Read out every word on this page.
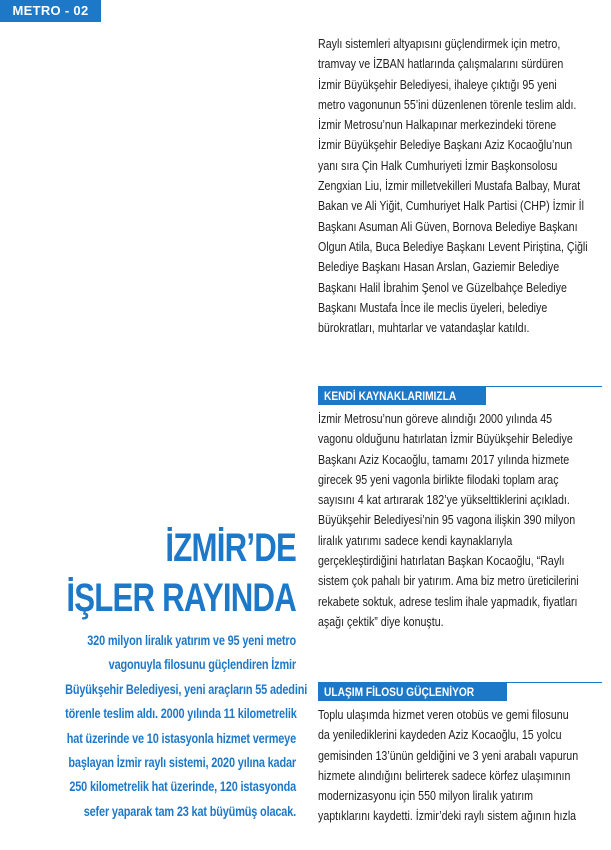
METRO - 02
İZMİR’DE
İŞLER RAYINDA
320 milyon liralık yatırım ve 95 yeni metro
vagonuyla filosunu güçlendiren İzmir
Büyükşehir Belediyesi, yeni araçların 55 adedini
törenle teslim aldı. 2000 yılında 11 kilometrelik
hat üzerinde ve 10 istasyonla hizmet vermeye
başlayan İzmir raylı sistemi, 2020 yılına kadar
250 kilometrelik hat üzerinde, 120 istasyonda
sefer yaparak tam 23 kat büyümüş olacak.
Raylı sistemleri altyapısını güçlendirmek için metro,
tramvay ve İZBAN hatlarında çalışmalarını sürdüren
İzmir Büyükşehir Belediyesi, ihaleye çıktığı 95 yeni
metro vagonunun 55’ini düzenlenen törenle teslim aldı.
İzmir Metrosu’nun Halkapınar merkezindeki törene
İzmir Büyükşehir Belediye Başkanı Aziz Kocaoğlu’nun
yanı sıra Çin Halk Cumhuriyeti İzmir Başkonsolosu
Zengxian Liu, İzmir milletvekilleri Mustafa Balbay, Murat
Bakan ve Ali Yiğit, Cumhuriyet Halk Partisi (CHP) İzmir İl
Başkanı Asuman Ali Güven, Bornova Belediye Başkanı
Olgun Atila, Buca Belediye Başkanı Levent Piriştina, Çiğli
Belediye Başkanı Hasan Arslan, Gaziemir Belediye
Başkanı Halil İbrahim Şenol ve Güzelbahçe Belediye
Başkanı Mustafa İnce ile meclis üyeleri, belediye
bürokratları, muhtarlar ve vatandaşlar katıldı.
KENDİ KAYNAKLARIMIZLA
İzmir Metrosu’nun göreve alındığı 2000 yılında 45
vagonu olduğunu hatırlatan İzmir Büyükşehir Belediye
Başkanı Aziz Kocaoğlu, tamamı 2017 yılında hizmete
girecek 95 yeni vagonla birlikte filodaki toplam araç
sayısını 4 kat artırarak 182’ye yükselttiklerini açıkladı.
Büyükşehir Belediyesi’nin 95 vagona ilişkin 390 milyon
liralık yatırımı sadece kendi kaynaklarıyla
gerçekleştirdiğini hatırlatan Başkan Kocaoğlu, “Raylı
sistem çok pahalı bir yatırım. Ama biz metro üreticilerini
rekabete soktuk, adrese teslim ihale yapmadık, fiyatları
aşağı çektik” diye konuştu.
ULAŞIM FİLOSU GÜÇLENİYOR
Toplu ulaşımda hizmet veren otobüs ve gemi filosunu
da yenilediklerini kaydeden Aziz Kocaoğlu, 15 yolcu
gemisinden 13’ünün geldiğini ve 3 yeni arabalı vapurun
hizmete alındığını belirterek sadece körfez ulaşımının
modernizasyonu için 550 milyon liralık yatırım
yaptıklarını kaydetti. İzmir’deki raylı sistem ağının hızla
